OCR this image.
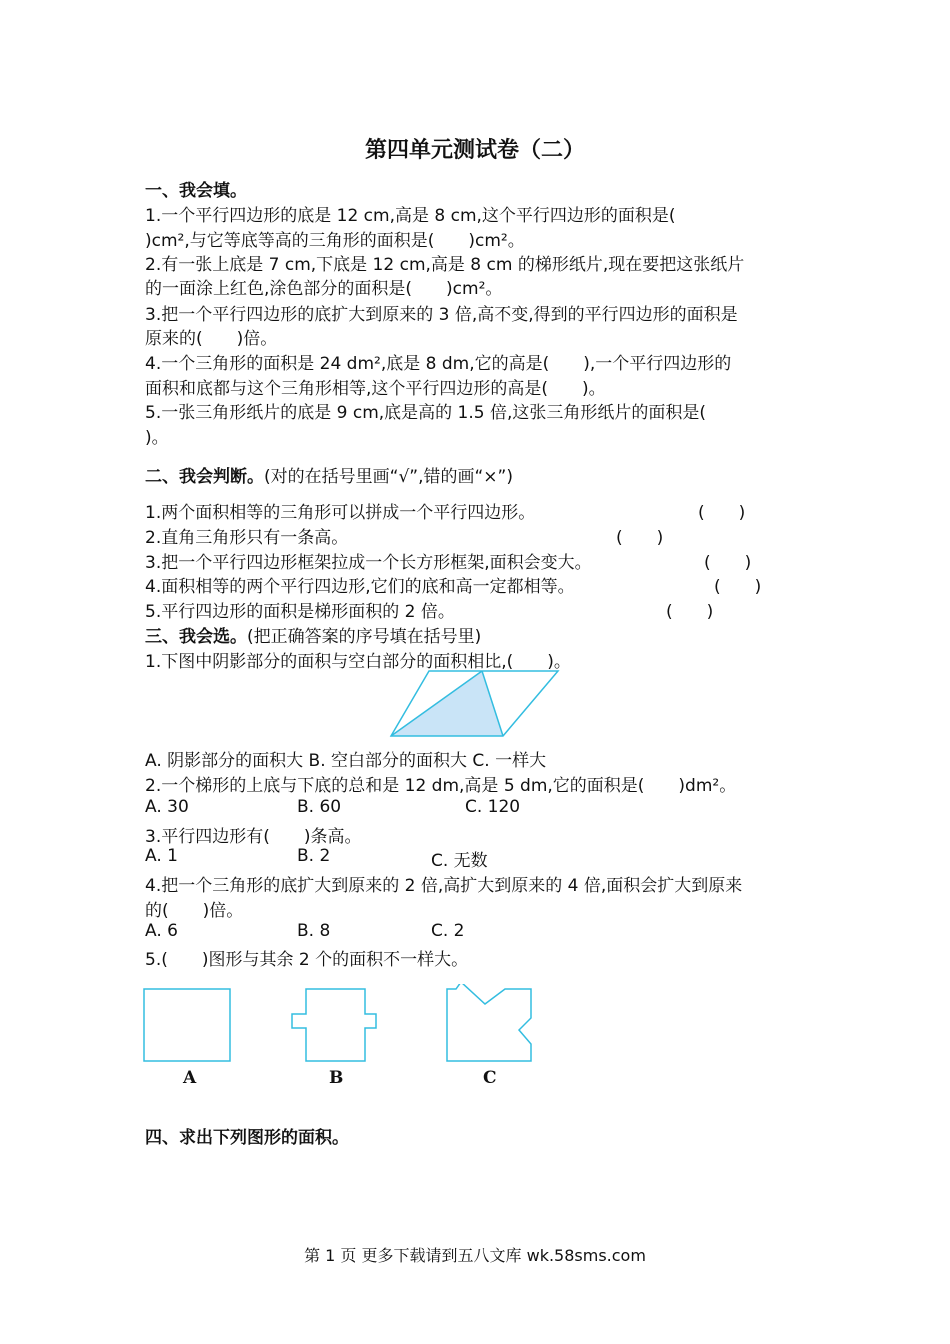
第四单元测试卷（二）
一、我会填。
1.一个平行四边形的底是 12 cm,高是 8 cm,这个平行四边形的面积是(
)cm²,与它等底等高的三角形的面积是(　　)cm²。
2.有一张上底是 7 cm,下底是 12 cm,高是 8 cm 的梯形纸片,现在要把这张纸片
的一面涂上红色,涂色部分的面积是(　　)cm²。
3.把一个平行四边形的底扩大到原来的 3 倍,高不变,得到的平行四边形的面积是
原来的(　　)倍。
4.一个三角形的面积是 24 dm²,底是 8 dm,它的高是(　　),一个平行四边形的
面积和底都与这个三角形相等,这个平行四边形的高是(　　)。
5.一张三角形纸片的底是 9 cm,底是高的 1.5 倍,这张三角形纸片的面积是(
)。
二、我会判断。(对的在括号里画“√”,错的画“×”)
1.两个面积相等的三角形可以拼成一个平行四边形。	(　　)
2.直角三角形只有一条高。	(　　)
3.把一个平行四边形框架拉成一个长方形框架,面积会变大。	(　　)
4.面积相等的两个平行四边形,它们的底和高一定都相等。	(　　)
5.平行四边形的面积是梯形面积的 2 倍。	(　　)
三、我会选。(把正确答案的序号填在括号里)
1.下图中阴影部分的面积与空白部分的面积相比,(　　)。
A. 阴影部分的面积大 B. 空白部分的面积大 C. 一样大
2.一个梯形的上底与下底的总和是 12 dm,高是 5 dm,它的面积是(　　)dm²。
A. 30	B. 60	C. 120
3.平行四边形有(　　)条高。
A. 1	B. 2	C. 无数
4.把一个三角形的底扩大到原来的 2 倍,高扩大到原来的 4 倍,面积会扩大到原来
的(　　)倍。
A. 6	B. 8	C. 2
5.(　　)图形与其余 2 个的面积不一样大。
A	B	C
四、求出下列图形的面积。
第 1 页 更多下载请到五八文库 wk.58sms.com
